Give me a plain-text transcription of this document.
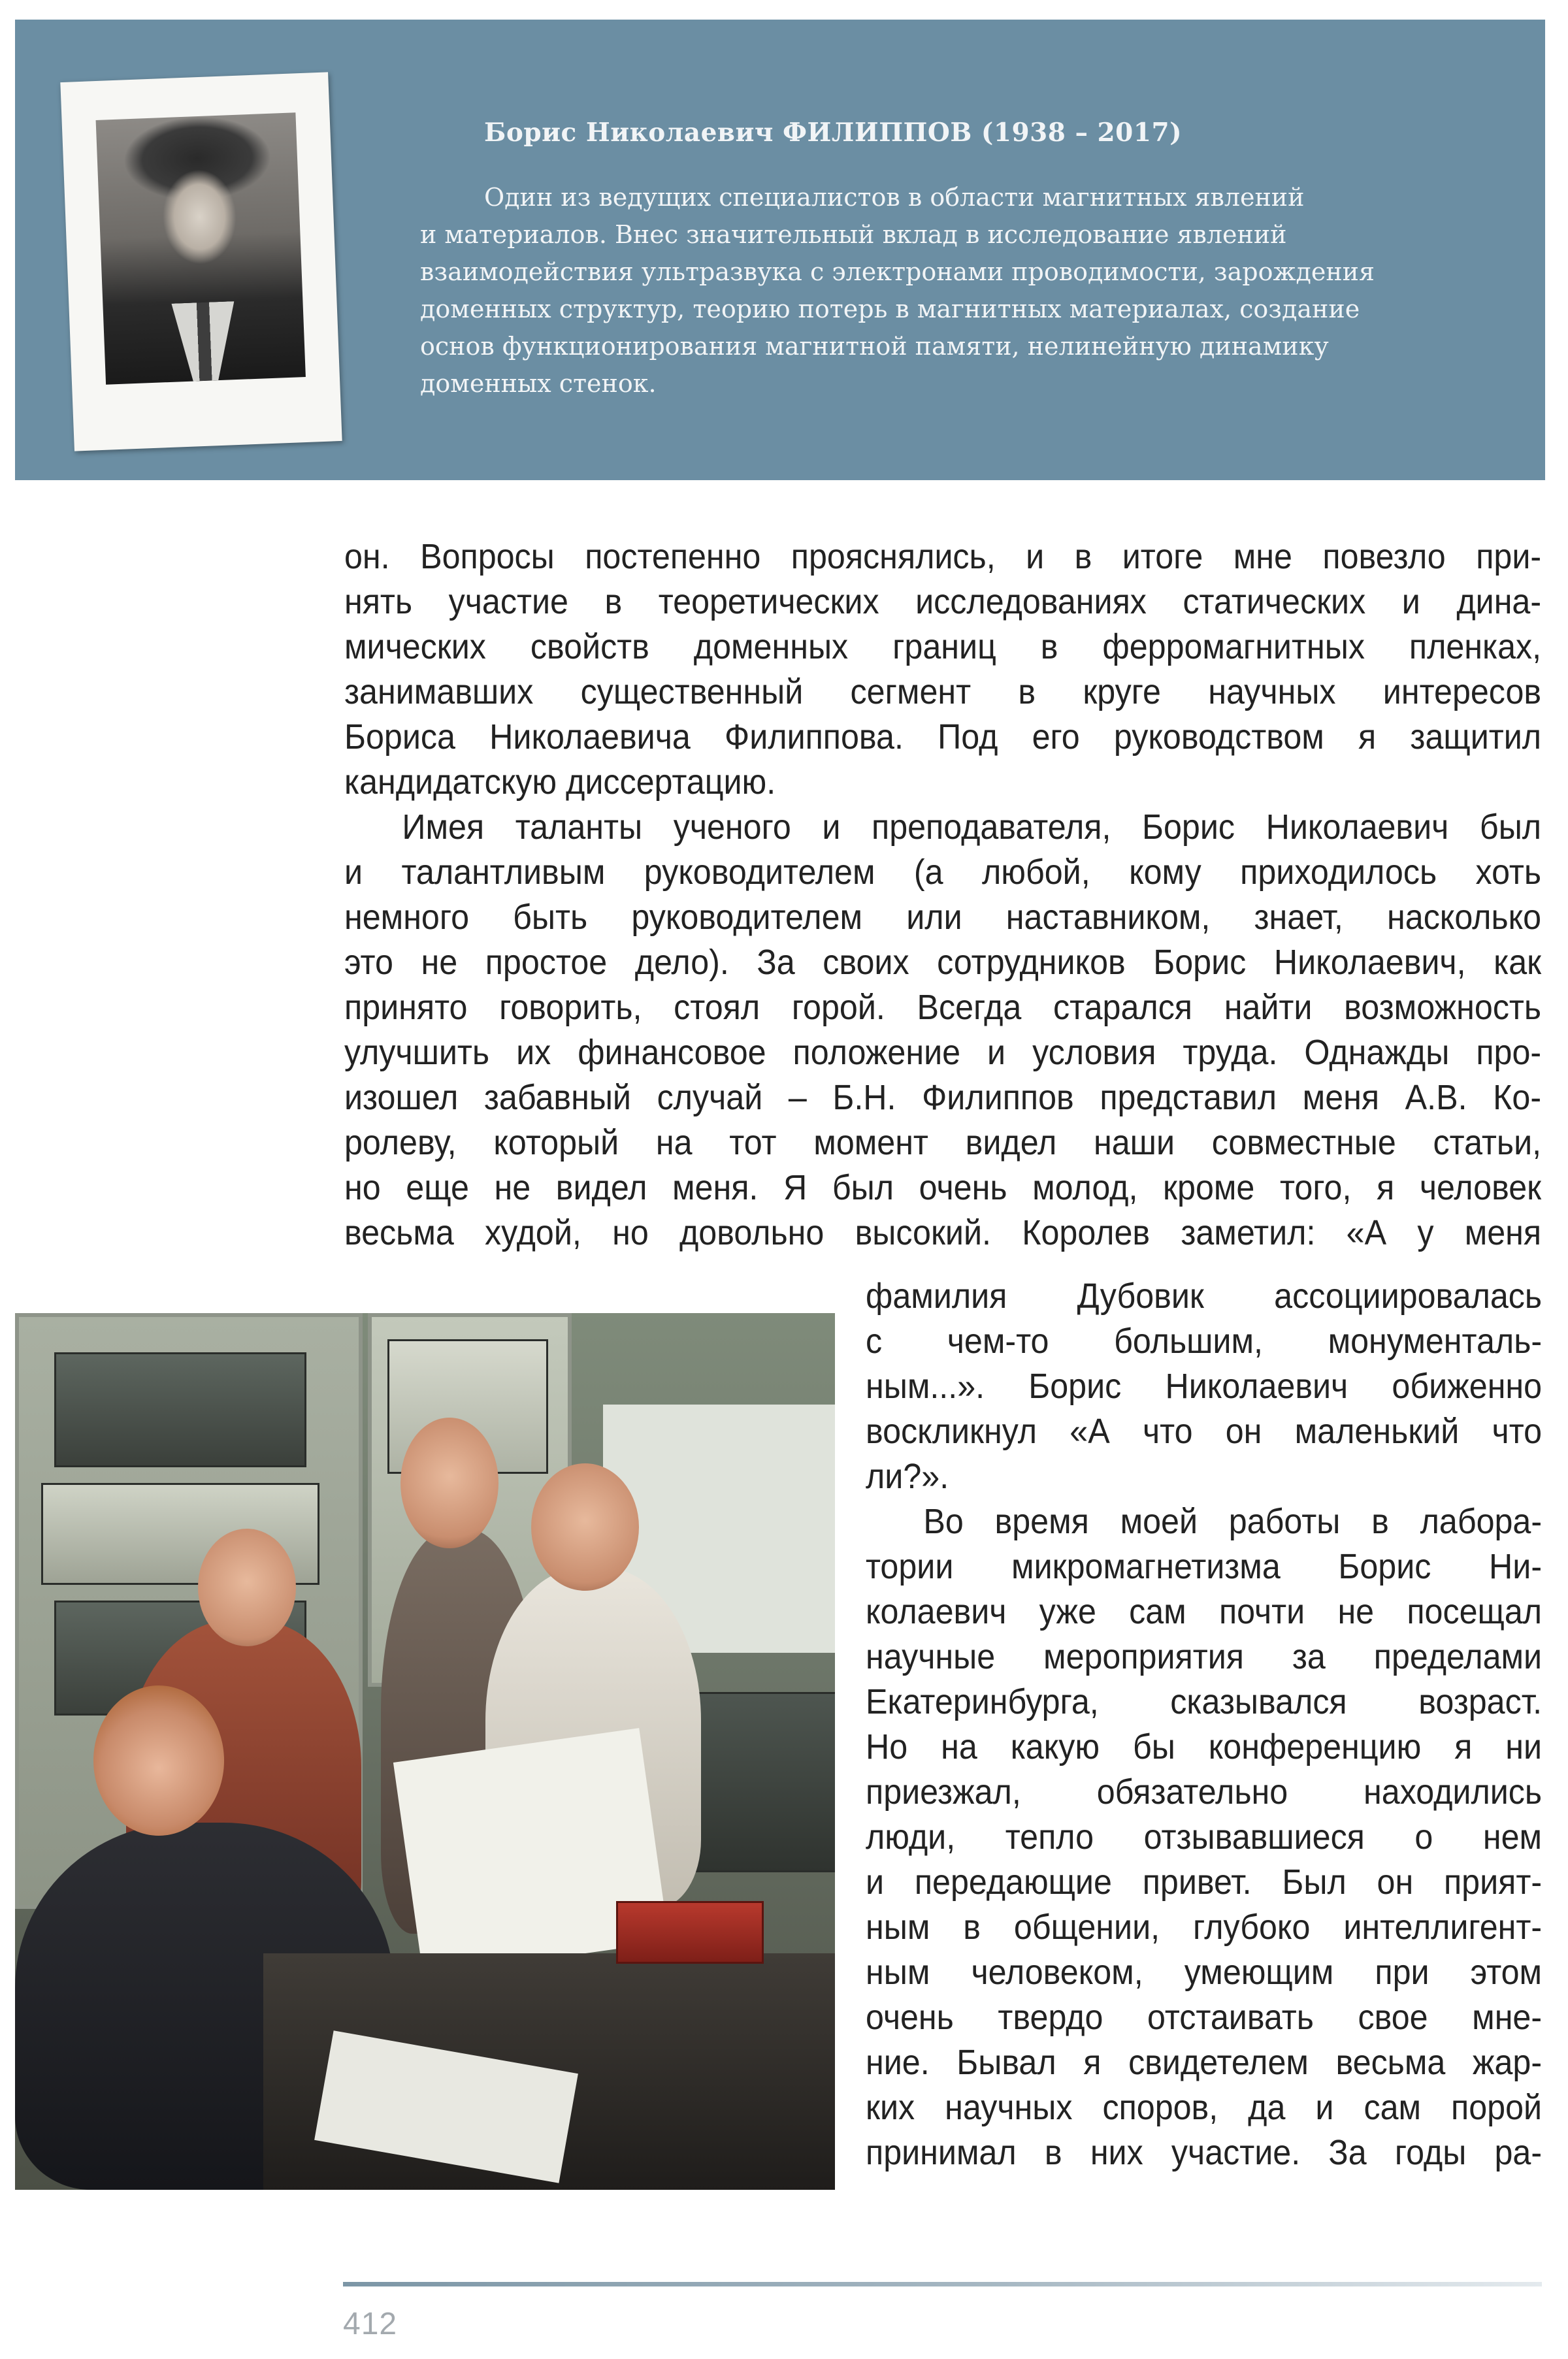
Борис Николаевич ФИЛИППОВ (1938 – 2017)

Один из ведущих специалистов в области магнитных явлений
и материалов. Внес значительный вклад в исследование явлений
взаимодействия ультразвука с электронами проводимости, зарождения
доменных структур, теорию потерь в магнитных материалах, создание
основ функционирования магнитной памяти, нелинейную динамику
доменных стенок.

он. Вопросы постепенно прояснялись, и в итоге мне повезло при-
нять участие в теоретических исследованиях статических и дина-
мических свойств доменных границ в ферромагнитных пленках,
занимавших существенный сегмент в круге научных интересов
Бориса Николаевича Филиппова. Под его руководством я защитил
кандидатскую диссертацию.
Имея таланты ученого и преподавателя, Борис Николаевич был
и талантливым руководителем (а любой, кому приходилось хоть
немного быть руководителем или наставником, знает, насколько
это не простое дело). За своих сотрудников Борис Николаевич, как
принято говорить, стоял горой. Всегда старался найти возможность
улучшить их финансовое положение и условия труда. Однажды про-
изошел забавный случай – Б.Н. Филиппов представил меня А.В. Ко-
ролеву, который на тот момент видел наши совместные статьи,
но еще не видел меня. Я был очень молод, кроме того, я человек
весьма худой, но довольно высокий. Королев заметил: «А у меня
фамилия Дубовик ассоциировалась
с чем-то большим, монументаль-
ным...». Борис Николаевич обиженно
воскликнул «А что он маленький что
ли?».
Во время моей работы в лабора-
тории микромагнетизма Борис Ни-
колаевич уже сам почти не посещал
научные мероприятия за пределами
Екатеринбурга, сказывался возраст.
Но на какую бы конференцию я ни
приезжал, обязательно находились
люди, тепло отзывавшиеся о нем
и передающие привет. Был он прият-
ным в общении, глубоко интеллигент-
ным человеком, умеющим при этом
очень твердо отстаивать свое мне-
ние. Бывал я свидетелем весьма жар-
ких научных споров, да и сам порой
принимал в них участие. За годы ра-
412
